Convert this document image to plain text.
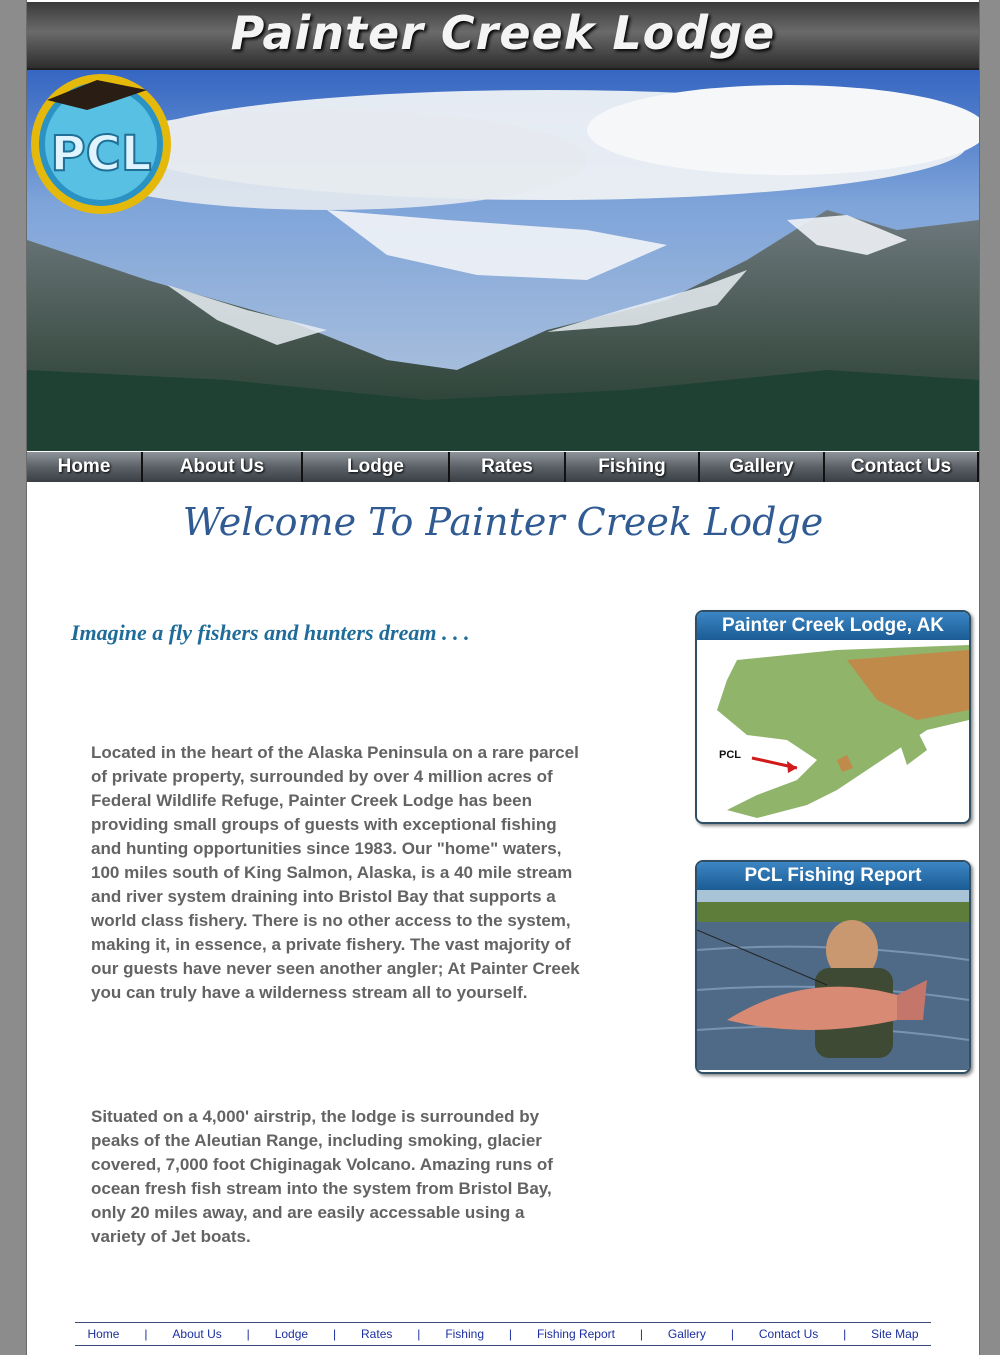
Painter Creek Lodge
PCL
Home	About Us	Lodge	Rates	Fishing	Gallery	Contact Us
Welcome To Painter Creek Lodge
Imagine a fly fishers and hunters dream . . .
Located in the heart of the Alaska Peninsula on a rare parcel of private property, surrounded by over 4 million acres of Federal Wildlife Refuge, Painter Creek Lodge has been providing small groups of guests with exceptional fishing and hunting opportunities since 1983. Our "home" waters, 100 miles south of King Salmon, Alaska, is a 40 mile stream and river system draining into Bristol Bay that supports a world class fishery. There is no other access to the system, making it, in essence, a private fishery. The vast majority of our guests have never seen another angler; At Painter Creek you can truly have a wilderness stream all to yourself.
Situated on a 4,000' airstrip, the lodge is surrounded by peaks of the Aleutian Range, including smoking, glacier covered, 7,000 foot Chiginagak Volcano. Amazing runs of ocean fresh fish stream into the system from Bristol Bay, only 20 miles away, and are easily accessable using a variety of Jet boats.
Painter Creek Lodge, AK
PCL
PCL Fishing Report
Home | About Us | Lodge | Rates | Fishing | Fishing Report | Gallery | Contact Us | Site Map
